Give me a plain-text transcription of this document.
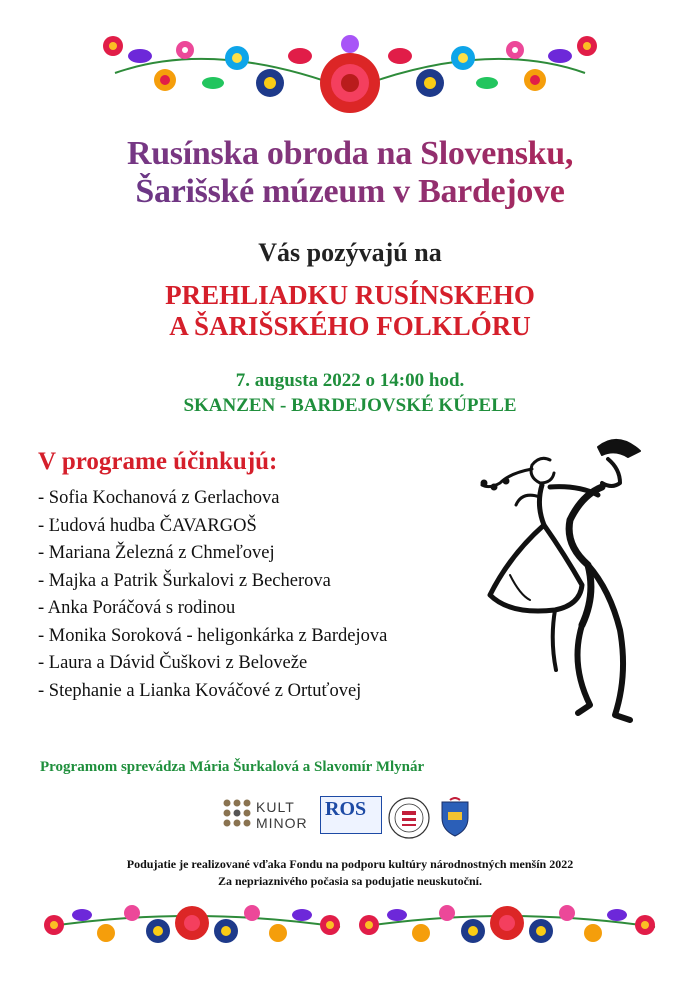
Rusínska obroda na Slovensku,
Šarišské múzeum v Bardejove
Vás pozývajú na
PREHLIADKU RUSÍNSKEHO
A ŠARIŠSKÉHO FOLKLÓRU
7. augusta 2022 o 14:00 hod.
SKANZEN - BARDEJOVSKÉ KÚPELE
V programe účinkujú:
- Sofia Kochanová z Gerlachova
- Ľudová hudba ČAVARGOŠ
- Mariana Železná z Chmeľovej
- Majka a Patrik Šurkalovi z Becherova
- Anka Poráčová s rodinou
- Monika Soroková - heligonkárka z Bardejova
- Laura a Dávid Čuškovi z Beloveže
- Stephanie a Lianka Kováčové z Ortuťovej
Programom sprevádza Mária Šurkalová a Slavomír Mlynár
KULT
MINOR
ROS
Podujatie je realizované vďaka Fondu na podporu kultúry národnostných menšín 2022
Za nepriaznivého počasia sa podujatie neuskutoční.
